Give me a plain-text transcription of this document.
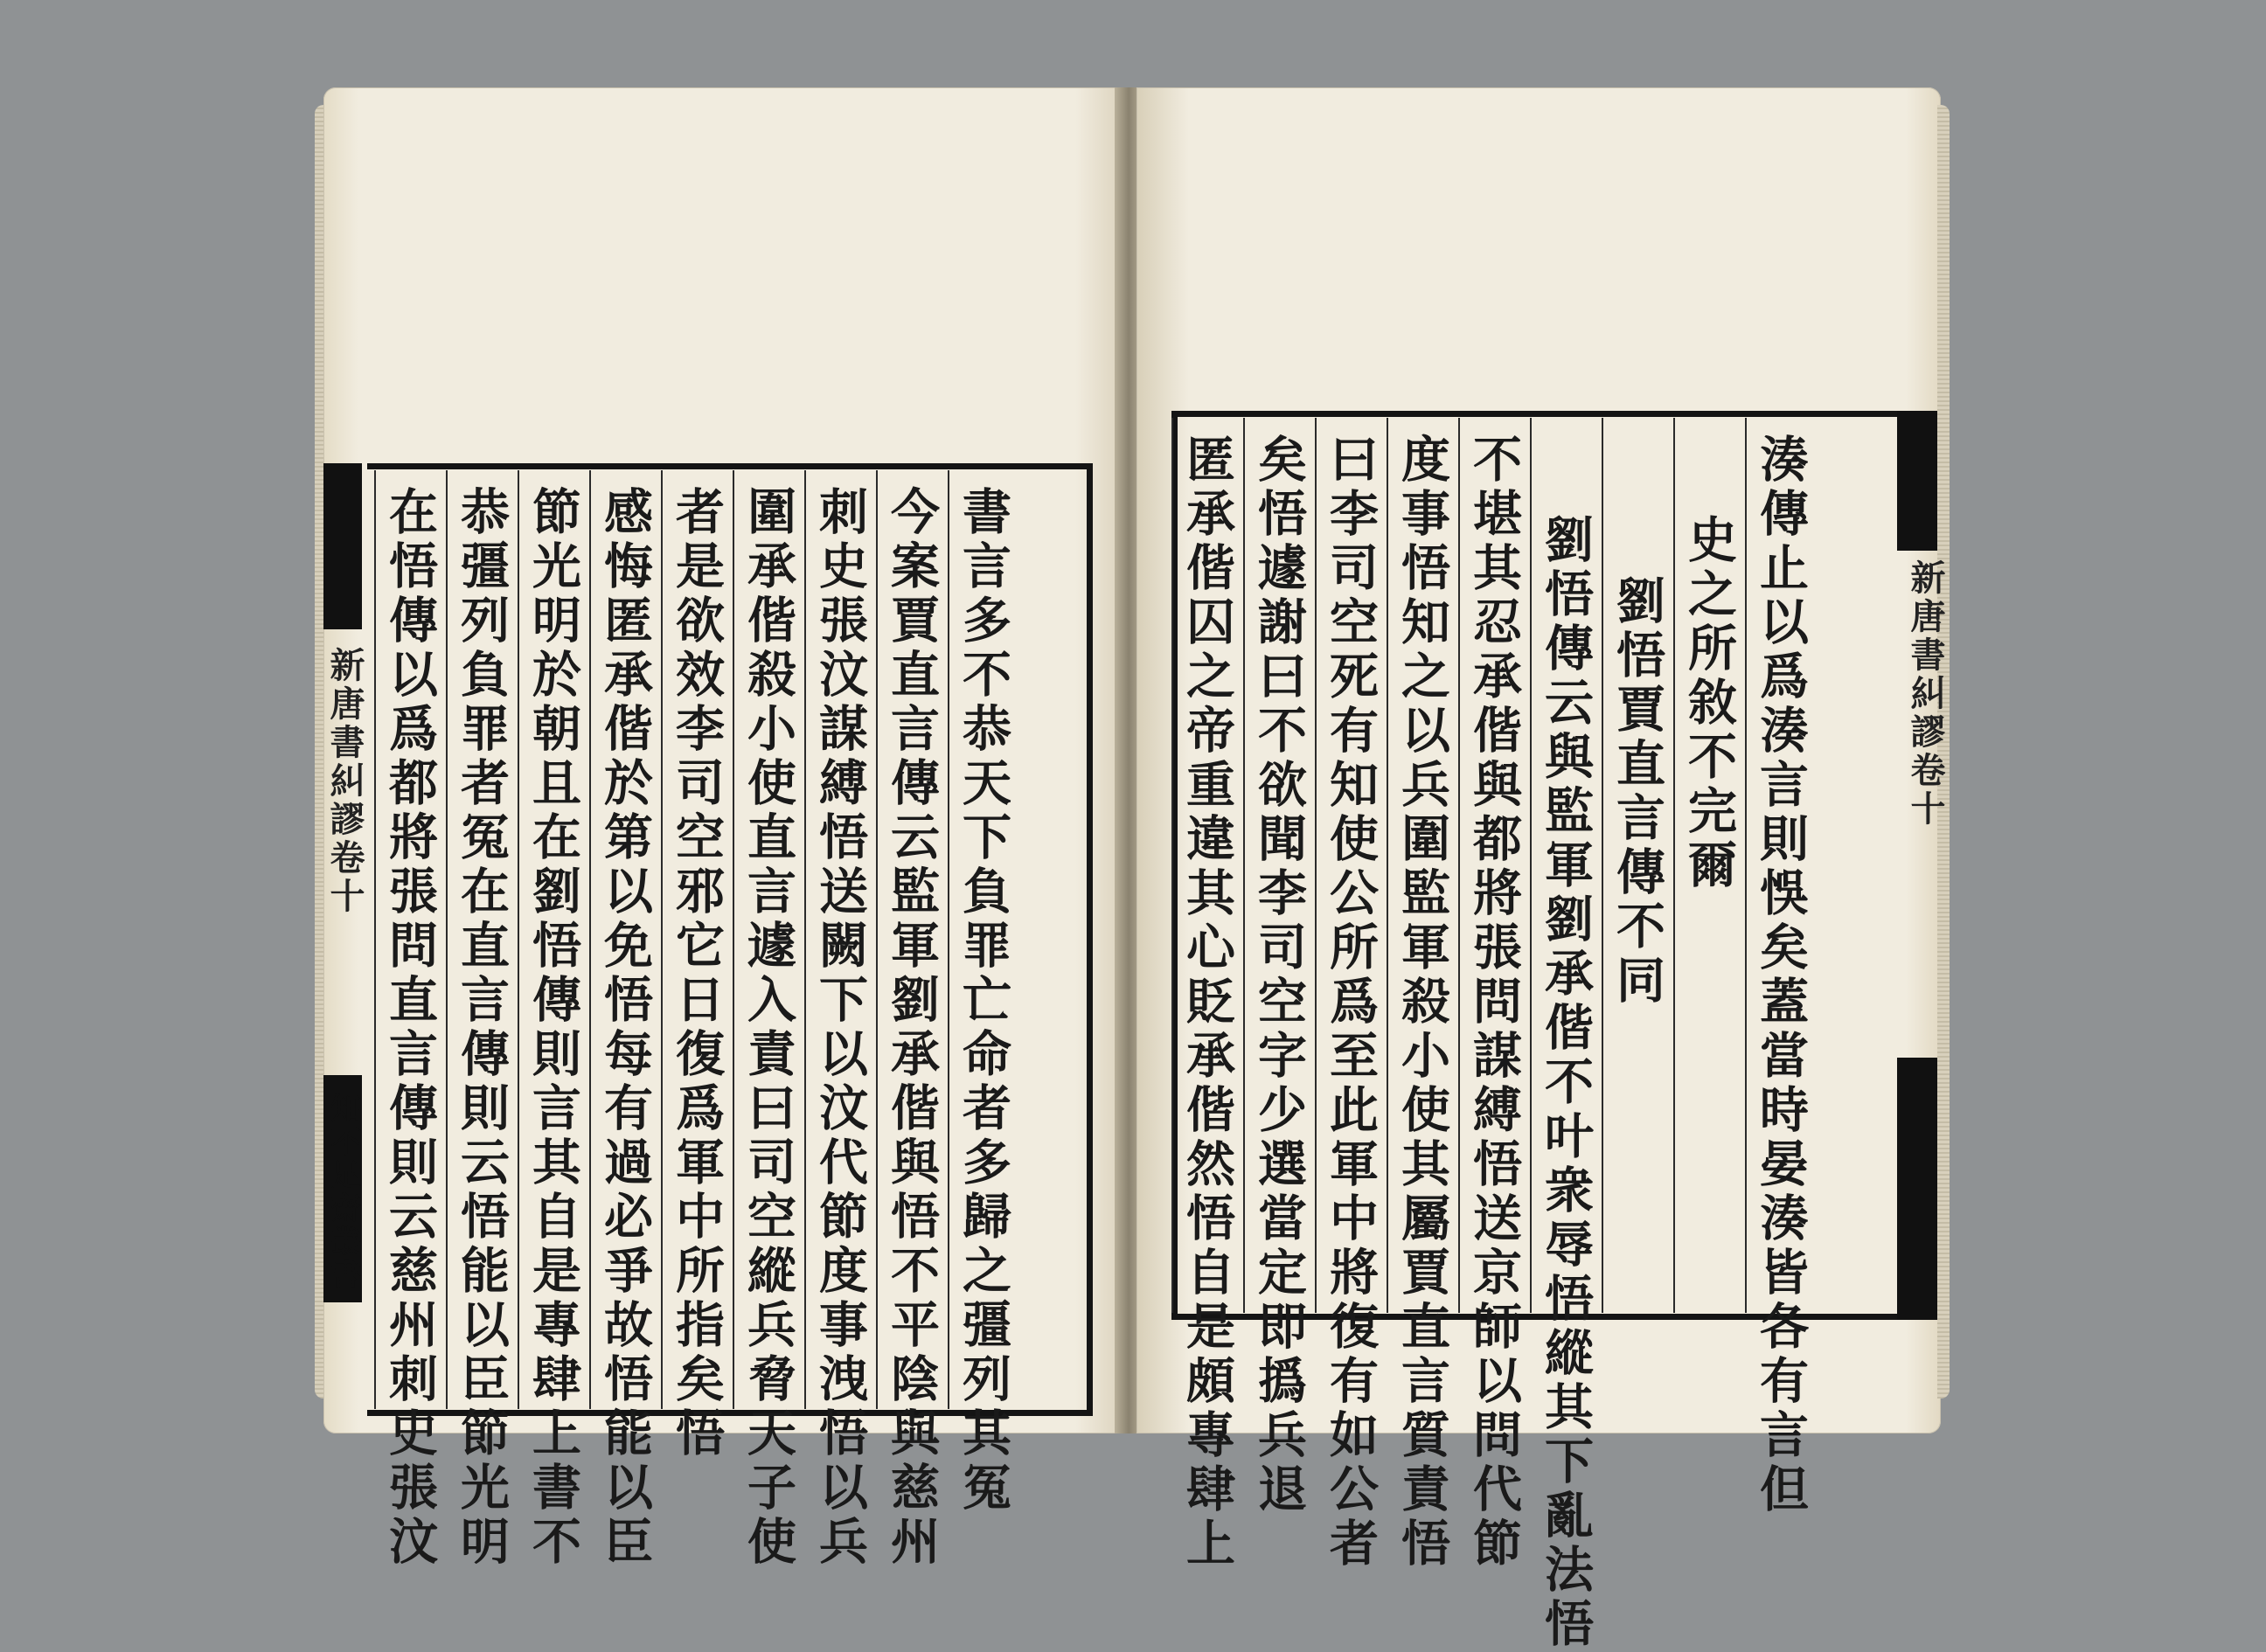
書言多不恭天下負罪亡命者多歸之彊列其冤
今案賈直言傳云監軍劉承偕與悟不平陰與慈州
刺史張汶謀縛悟送闕下以汶代節度事洩悟以兵
圍承偕殺小使直言遽入責曰司空縱兵脅天子使
者是欲效李司空邪它日復爲軍中所指矣悟
感悔匿承偕於第以免悟每有過必爭故悟能以臣
節光明於朝且在劉悟傳則言其自是專肆上書不
恭彊列負罪者冤在直言傳則云悟能以臣節光明
在悟傳以爲都將張問直言傳則云慈州刺史張汶
新唐書糾謬卷十
知不足齋叢書	湊傳止以爲湊言則悞矣蓋當時晏湊皆各有言但
史之所敘不完爾
劉悟賈直言傳不同
劉悟傳云與監軍劉承偕不叶衆辱悟縱其下亂法悟
不堪其忍承偕與都將張問謀縛悟送京師以問代節
度事悟知之以兵圍監軍殺小使其屬賈直言質責悟
曰李司空死有知使公所爲至此軍中將復有如公者
矣悟遽謝曰不欲聞李司空字少選當定即撝兵退
匿承偕囚之帝重違其心貶承偕然悟自是頗專肆上	新唐書糾謬卷十
